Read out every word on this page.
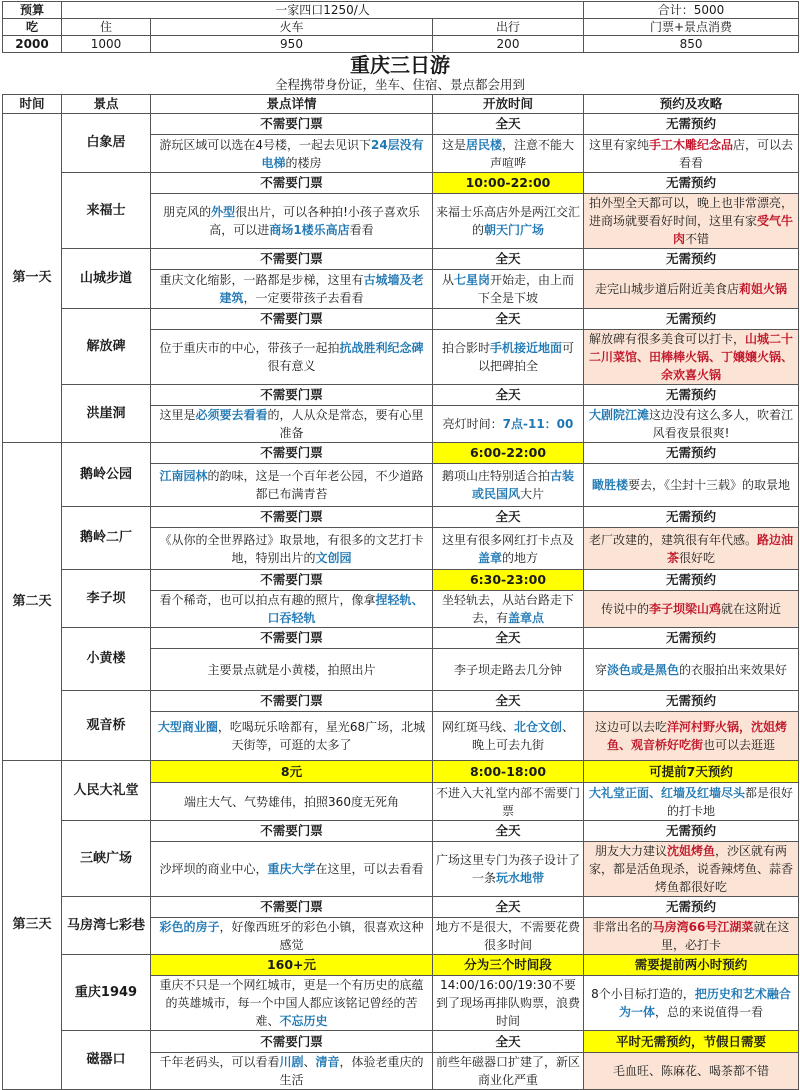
预算	一家四口1250/人			合计：5000
吃	住	火车	出行	门票+景点消费
2000	1000	950	200	850
重庆三日游
全程携带身份证，坐车、住宿、景点都会用到
时间	景点	景点详情	开放时间	预约及攻略
第一天	白象居	不需要门票	全天	无需预约
		游玩区域可以选在4号楼，一起去见识下24层没有电梯的楼房	这是居民楼，注意不能大声喧哗	这里有家纯手工木雕纪念品店，可以去看看
	来福士	不需要门票	10:00-22:00	无需预约
		朋克风的外型很出片，可以各种拍!小孩子喜欢乐高，可以进商场1楼乐高店看看	来福士乐高店外是两江交汇的朝天门广场	拍外型全天都可以，晚上也非常漂亮，进商场就要看好时间，这里有家受气牛肉不错
	山城步道	不需要门票	全天	无需预约
		重庆文化缩影，一路都是步梯，这里有古城墙及老建筑，一定要带孩子去看看	从七星岗开始走，由上而下全是下坡	走完山城步道后附近美食店莉姐火锅
	解放碑	不需要门票	全天	无需预约
		位于重庆市的中心，带孩子一起拍抗战胜利纪念碑很有意义	拍合影时手机接近地面可以把碑拍全	解放碑有很多美食可以打卡，山城二十二川菜馆、田棒棒火锅、丁嬢嬢火锅、余欢喜火锅
	洪崖洞	不需要门票	全天	无需预约
		这里是必须要去看看的，人从众是常态，要有心里准备	亮灯时间：7点-11：00	大剧院江滩这边没有这么多人，吹着江风看夜景很爽!
第二天	鹅岭公园	不需要门票	6:00-22:00	无需预约
		江南园林的韵味，这是一个百年老公园，不少道路都已布满青苔	鹅项山庄特别适合拍古装或民国风大片	瞰胜楼要去，《尘封十三载》的取景地
	鹅岭二厂	不需要门票	全天	无需预约
		《从你的全世界路过》取景地，有很多的文艺打卡地，特别出片的文创园	这里有很多网红打卡点及盖章的地方	老厂改建的，建筑很有年代感。路边油茶很好吃
	李子坝	不需要门票	6:30-23:00	无需预约
		看个稀奇，也可以拍点有趣的照片，像拿捏轻轨、口吞轻轨	坐轻轨去，从站台路走下去，有盖章点	传说中的李子坝梁山鸡就在这附近
	小黄楼	不需要门票	全天	无需预约
		主要景点就是小黄楼，拍照出片	李子坝走路去几分钟	穿淡色或是黑色的衣服拍出来效果好
	观音桥	不需要门票	全天	无需预约
		大型商业圈，吃喝玩乐啥都有，星光68广场，北城天街等，可逛的太多了	网红斑马线、北仓文创、晚上可去九街	这边可以去吃洋河村野火锅，沈姐烤鱼、观音桥好吃街也可以去逛逛
第三天	人民大礼堂	8元	8:00-18:00	可提前7天预约
		端庄大气、气势雄伟，拍照360度无死角	不进入大礼堂内部不需要门票	大礼堂正面、红墙及红墙尽头都是很好的打卡地
	三峡广场	不需要门票	全天	无需预约
		沙坪坝的商业中心，重庆大学在这里，可以去看看	广场这里专门为孩子设计了一条玩水地带	朋友大力建议沈姐烤鱼，沙区就有两家，都是活鱼现杀，说香辣烤鱼、蒜香烤鱼都很好吃
	马房湾七彩巷	不需要门票	全天	无需预约
		彩色的房子，好像西班牙的彩色小镇，很喜欢这种感觉	地方不是很大，不需要花费很多时间	非常出名的马房湾66号江湖菜就在这里，必打卡
	重庆1949	160+元	分为三个时间段	需要提前两小时预约
		重庆不只是一个网红城市，更是一个有历史的底蕴的英雄城市，每一个中国人都应该铭记曾经的苦难、不忘历史	14:00/16:00/19:30不要到了现场再排队购票，浪费时间	8个小目标打造的，把历史和艺术融合为一体，总的来说值得一看
	磁器口	不需要门票	全天	平时无需预约，节假日需要
		千年老码头，可以看看川剧、清音，体验老重庆的生活	前些年磁器口扩建了，新区商业化严重	毛血旺、陈麻花、喝茶都不错
